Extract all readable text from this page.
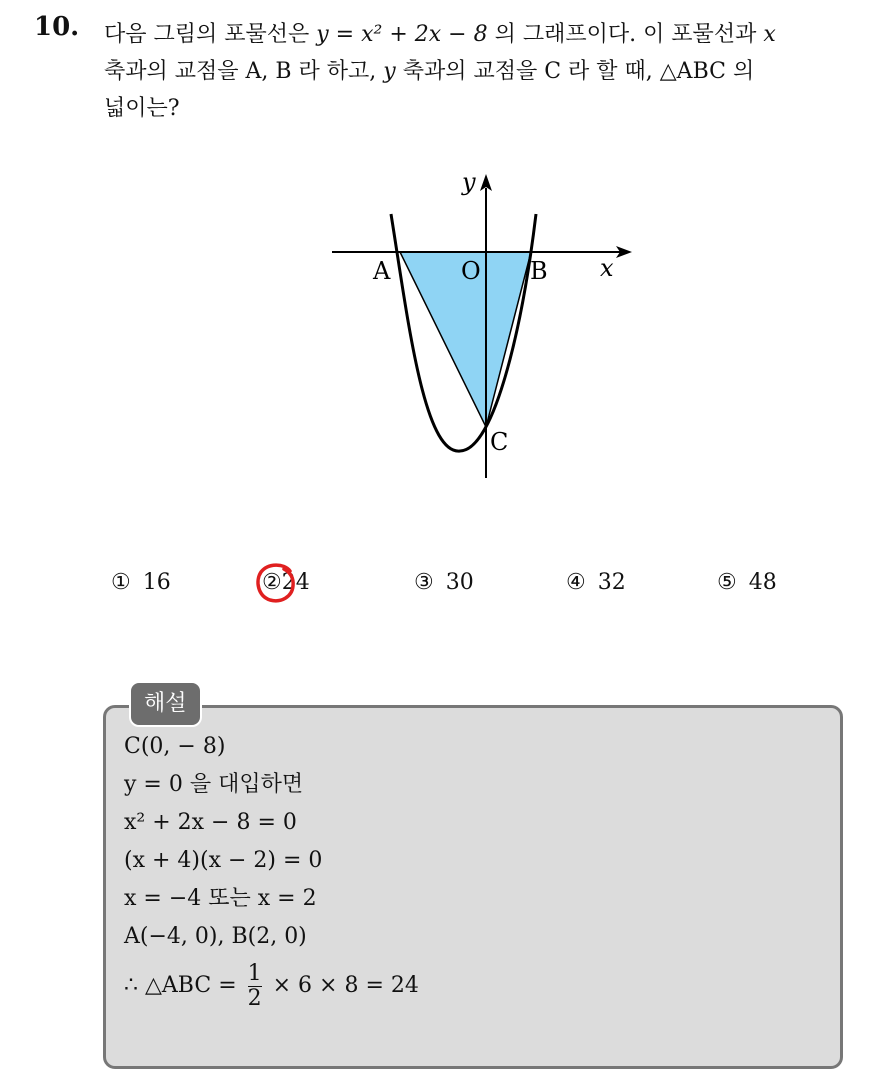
10. 다음 그림의 포물선은 y = x² + 2x − 8 의 그래프이다. 이 포물선과 x

축과의 교점을 A, B 라 하고, y 축과의 교점을 C 라 할 때, △ABC 의

넓이는?

y
x
O
A	B
C
① 16	②24	③ 30	④ 32	⑤ 48
해설
C(0, − 8)
y = 0 을 대입하면
x² + 2x − 8 = 0
(x + 4)(x − 2) = 0
x = −4 또는 x = 2
A(−4, 0), B(2, 0)
∴ △ABC = $\frac{1}{2} \times 6 \times 8 = 24$
